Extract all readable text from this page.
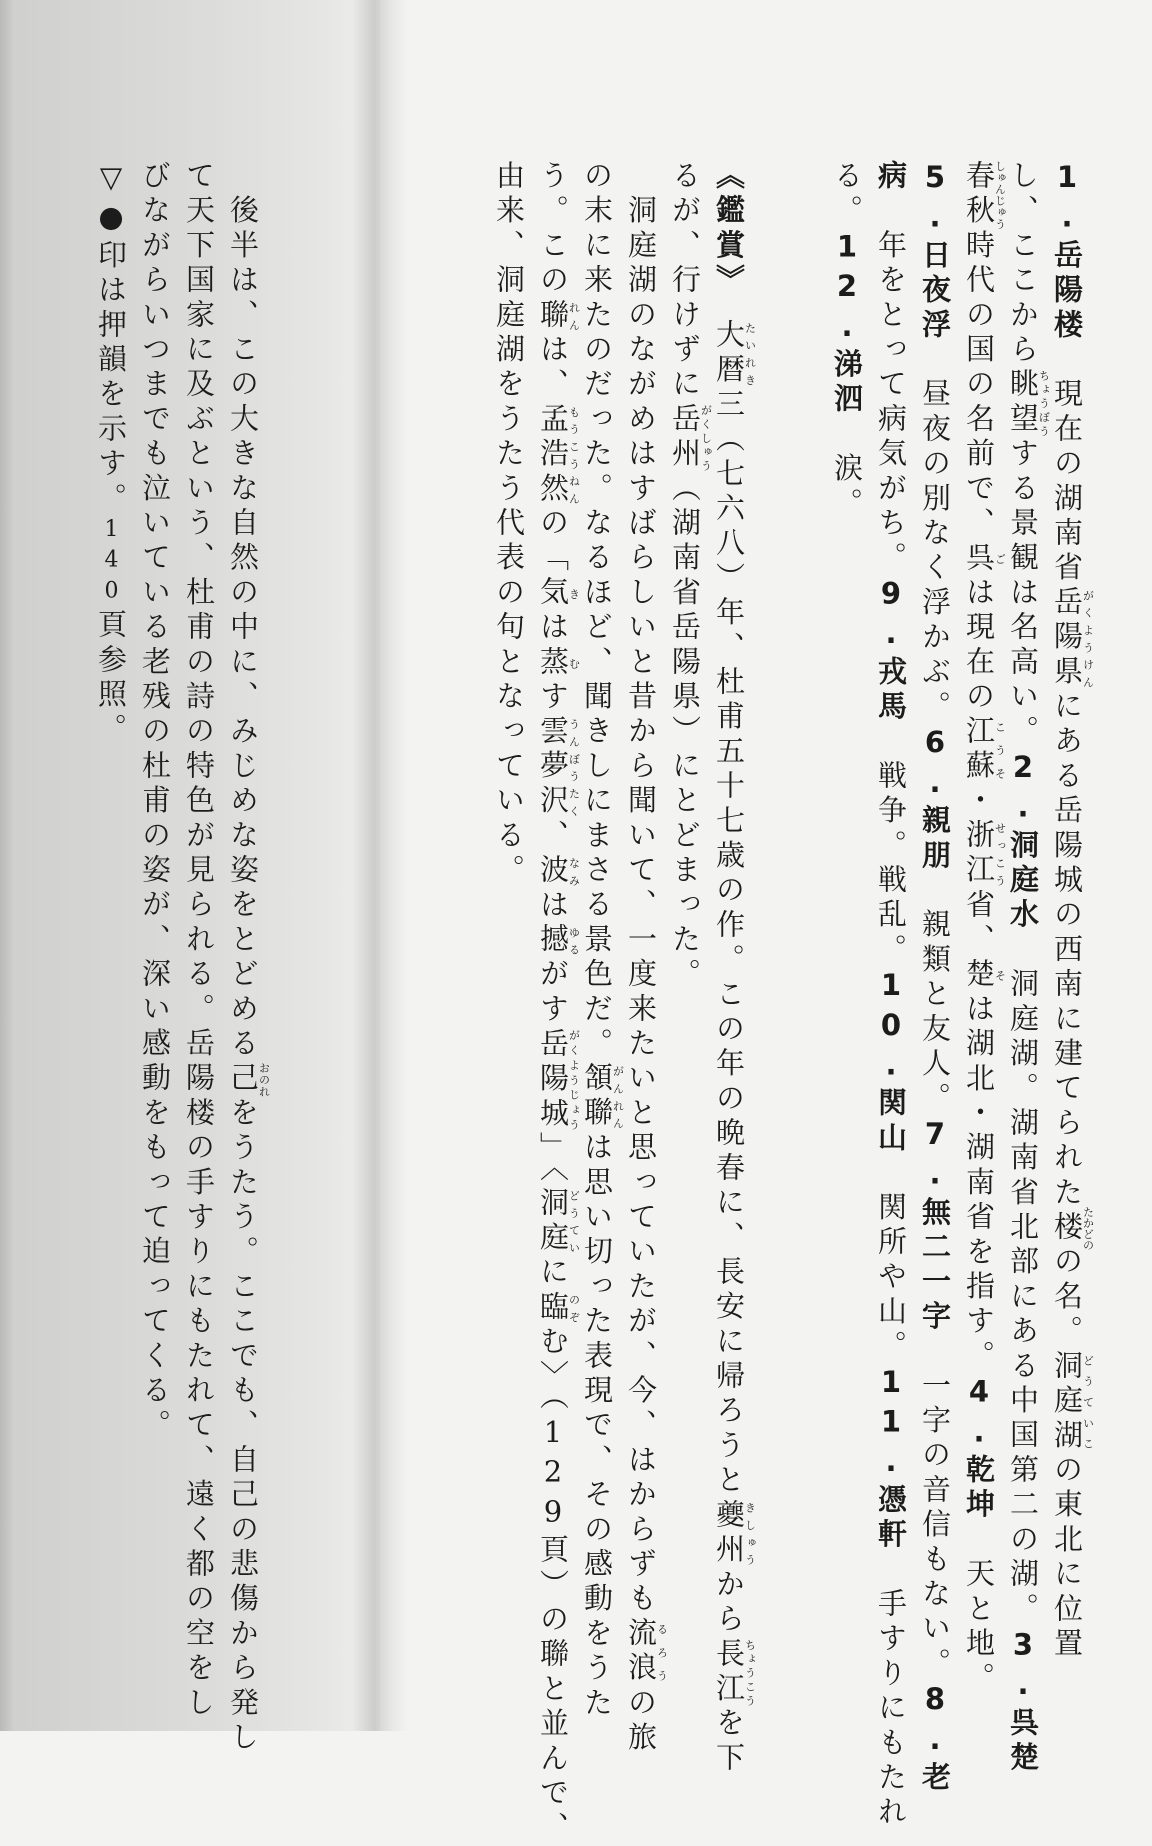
1.岳陽楼　現在の湖南省岳陽県がくようけんにある岳陽城の西南に建てられた楼たかどのの名。洞庭湖どうていこの東北に位置
し、ここから眺望ちょうぼうする景観は名高い。2.洞庭水　洞庭湖。湖南省北部にある中国第二の湖。3.呉楚
春秋しゅんじゅう時代の国の名前で、呉ごは現在の江蘇こうそ・浙江せっこう省、楚そは湖北・湖南省を指す。4.乾坤　天と地。
5.日夜浮　昼夜の別なく浮かぶ。6.親朋　親類と友人。7.無二一字　一字の音信もない。8.老
病　年をとって病気がち。9.戎馬　戦争。戦乱。10.関山　関所や山。11.憑軒　手すりにもたれ
る。12.涕泗　涙。
《鑑賞》　大暦たいれき三（七六八）年、杜甫五十七歳の作。この年の晩春に、長安に帰ろうと夔州きしゅうから長江ちょうこうを下
るが、行けずに岳州がくしゅう（湖南省岳陽県）にとどまった。
　洞庭湖のながめはすばらしいと昔から聞いて、一度来たいと思っていたが、今、はからずも流浪るろうの旅
の末に来たのだった。なるほど、聞きしにまさる景色だ。頷聯がんれんは思い切った表現で、その感動をうた
う。この聯れんは、孟浩然もうこうねんの「気きは蒸むす雲夢沢うんぼうたく、波なみは撼ゆるがす岳陽城がくようじょう」〈洞庭どうていに臨のぞむ〉（129頁）の聯と並んで、
由来、洞庭湖をうたう代表の句となっている。
　後半は、この大きな自然の中に、みじめな姿をとどめる己おのれをうたう。ここでも、自己の悲傷から発し
て天下国家に及ぶという、杜甫の詩の特色が見られる。岳陽楼の手すりにもたれて、遠く都の空をし
びながらいつまでも泣いている老残の杜甫の姿が、深い感動をもって迫ってくる。
▽●印は押韻を示す。140頁参照。
